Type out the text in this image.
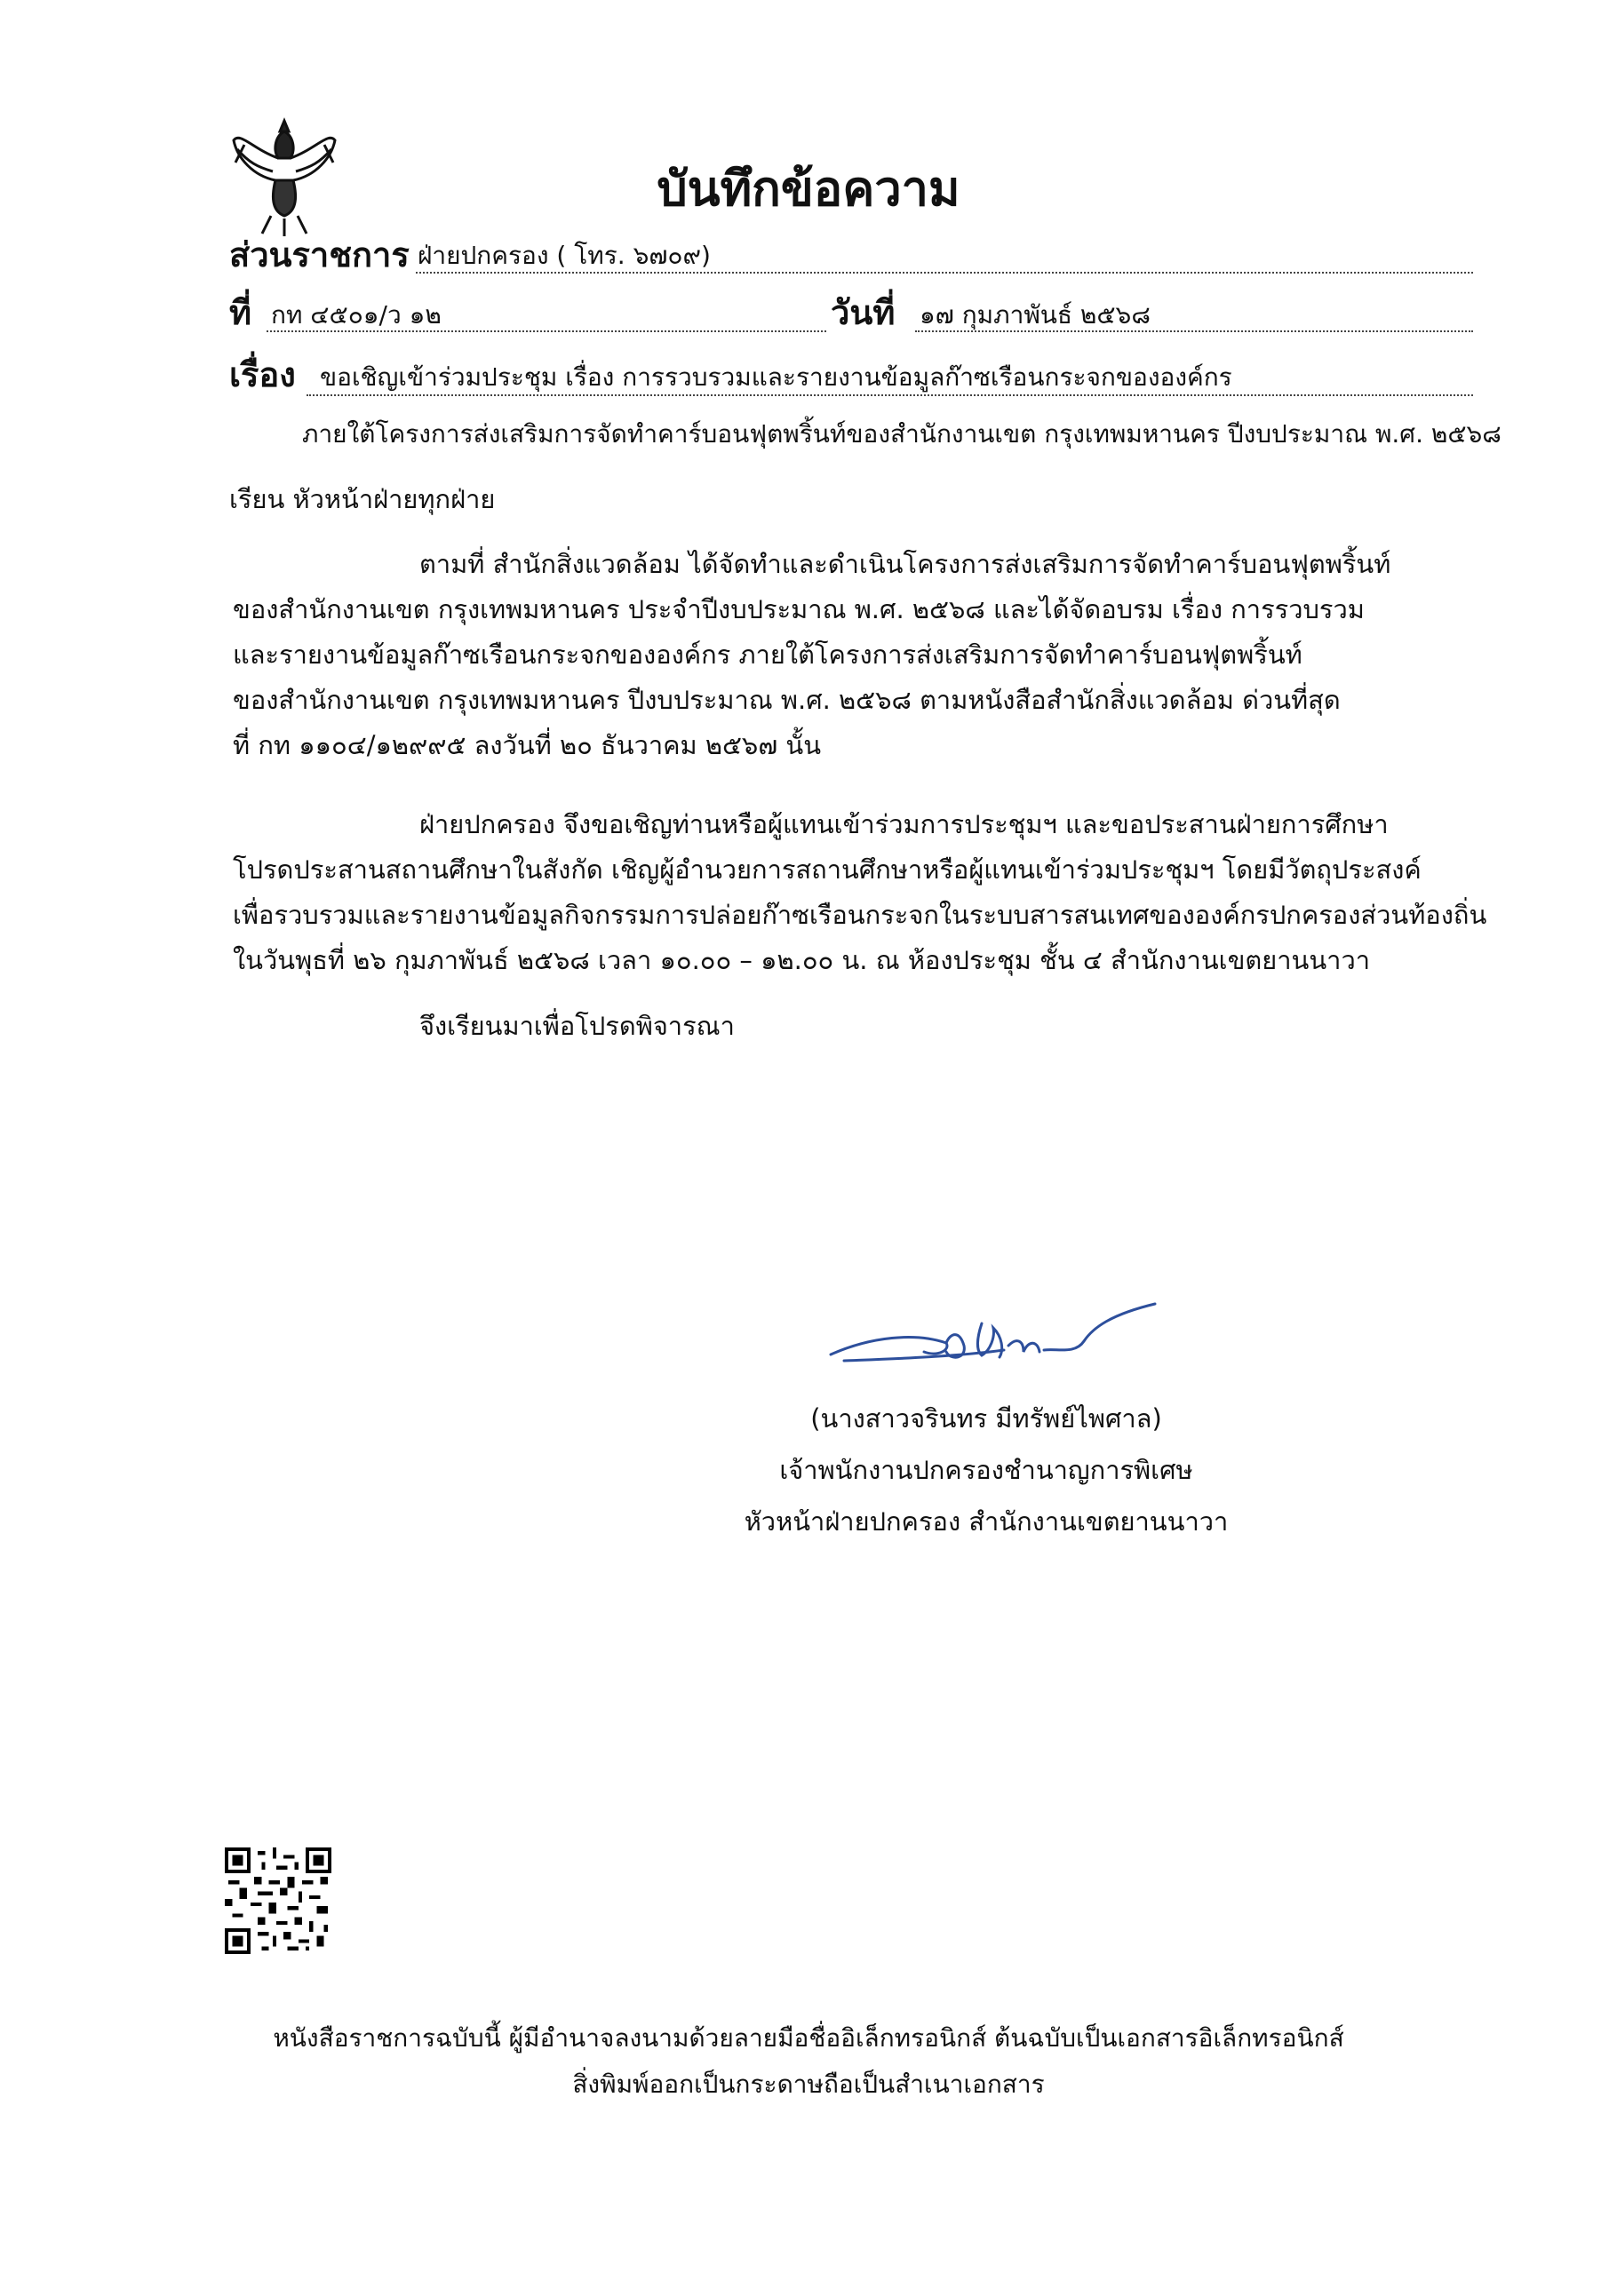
บันทึกข้อความ
ส่วนราชการ ฝ่ายปกครอง ( โทร. ๖๗๐๙)
ที่ กท ๔๕๐๑/ว ๑๒	วันที่ ๑๗ กุมภาพันธ์ ๒๕๖๘
เรื่อง ขอเชิญเข้าร่วมประชุม เรื่อง การรวบรวมและรายงานข้อมูลก๊าซเรือนกระจกขององค์กร
ภายใต้โครงการส่งเสริมการจัดทำคาร์บอนฟุตพริ้นท์ของสำนักงานเขต กรุงเทพมหานคร ปีงบประมาณ พ.ศ. ๒๕๖๘
เรียน หัวหน้าฝ่ายทุกฝ่าย
ตามที่ สำนักสิ่งแวดล้อม ได้จัดทำและดำเนินโครงการส่งเสริมการจัดทำคาร์บอนฟุตพริ้นท์
ของสำนักงานเขต กรุงเทพมหานคร ประจำปีงบประมาณ พ.ศ. ๒๕๖๘ และได้จัดอบรม เรื่อง การรวบรวม
และรายงานข้อมูลก๊าซเรือนกระจกขององค์กร ภายใต้โครงการส่งเสริมการจัดทำคาร์บอนฟุตพริ้นท์
ของสำนักงานเขต กรุงเทพมหานคร ปีงบประมาณ พ.ศ. ๒๕๖๘ ตามหนังสือสำนักสิ่งแวดล้อม ด่วนที่สุด
ที่ กท ๑๑๐๔/๑๒๙๙๕ ลงวันที่ ๒๐ ธันวาคม ๒๕๖๗ นั้น
ฝ่ายปกครอง จึงขอเชิญท่านหรือผู้แทนเข้าร่วมการประชุมฯ และขอประสานฝ่ายการศึกษา
โปรดประสานสถานศึกษาในสังกัด เชิญผู้อำนวยการสถานศึกษาหรือผู้แทนเข้าร่วมประชุมฯ โดยมีวัตถุประสงค์
เพื่อรวบรวมและรายงานข้อมูลกิจกรรมการปล่อยก๊าซเรือนกระจกในระบบสารสนเทศขององค์กรปกครองส่วนท้องถิ่น
ในวันพุธที่ ๒๖ กุมภาพันธ์ ๒๕๖๘ เวลา ๑๐.๐๐ – ๑๒.๐๐ น. ณ ห้องประชุม ชั้น ๔ สำนักงานเขตยานนาวา
จึงเรียนมาเพื่อโปรดพิจารณา
(นางสาวจรินทร มีทรัพย์ไพศาล)
เจ้าพนักงานปกครองชำนาญการพิเศษ
หัวหน้าฝ่ายปกครอง สำนักงานเขตยานนาวา
หนังสือราชการฉบับนี้ ผู้มีอำนาจลงนามด้วยลายมือชื่ออิเล็กทรอนิกส์ ต้นฉบับเป็นเอกสารอิเล็กทรอนิกส์
สิ่งพิมพ์ออกเป็นกระดาษถือเป็นสำเนาเอกสาร
